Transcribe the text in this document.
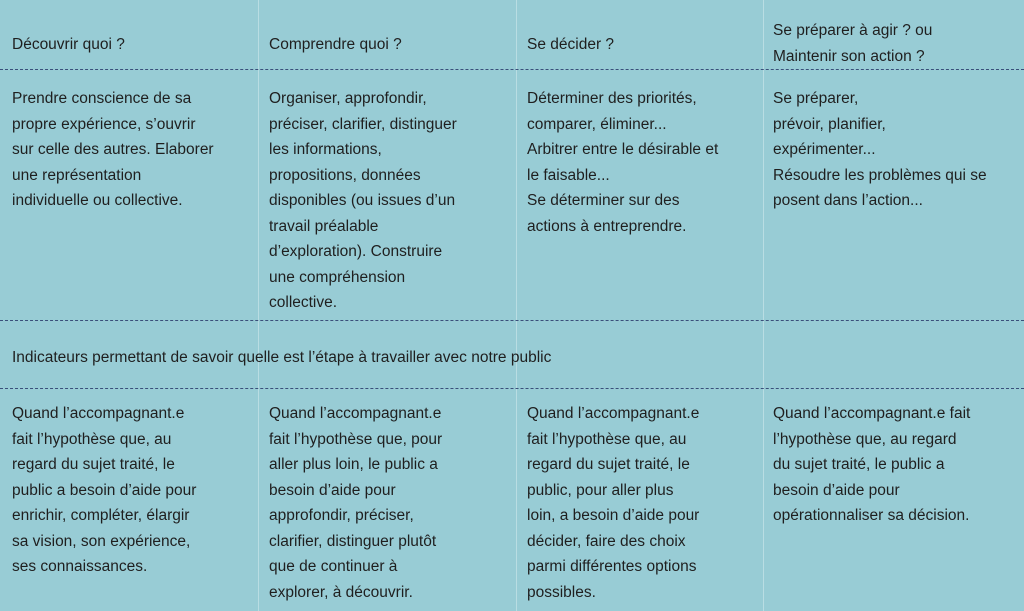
Découvrir quoi ?	Comprendre quoi ?	Se décider ?
Se préparer à agir ? ou
Maintenir son action ?
Prendre conscience de sa
propre expérience, s’ouvrir
sur celle des autres. Elaborer
une représentation
individuelle ou collective.
Organiser, approfondir,
préciser, clarifier, distinguer
les informations,
propositions, données
disponibles (ou issues d’un
travail préalable
d’exploration). Construire
une compréhension
collective.
Déterminer des priorités,
comparer, éliminer...
Arbitrer entre le désirable et
le faisable...
Se déterminer sur des
actions à entreprendre.
Se préparer,
prévoir, planifier,
expérimenter...
Résoudre les problèmes qui se
posent dans l’action...
Indicateurs permettant de savoir quelle est l’étape à travailler avec notre public
Quand l’accompagnant.e
fait l’hypothèse que, au
regard du sujet traité, le
public a besoin d’aide pour
enrichir, compléter, élargir
sa vision, son expérience,
ses connaissances.
Quand l’accompagnant.e
fait l’hypothèse que, pour
aller plus loin, le public a
besoin d’aide pour
approfondir, préciser,
clarifier, distinguer plutôt
que de continuer à
explorer, à découvrir.
Quand l’accompagnant.e
fait l’hypothèse que, au
regard du sujet traité, le
public, pour aller plus
loin, a besoin d’aide pour
décider, faire des choix
parmi différentes options
possibles.
Quand l’accompagnant.e fait
l’hypothèse que, au regard
du sujet traité, le public a
besoin d’aide pour
opérationnaliser sa décision.
